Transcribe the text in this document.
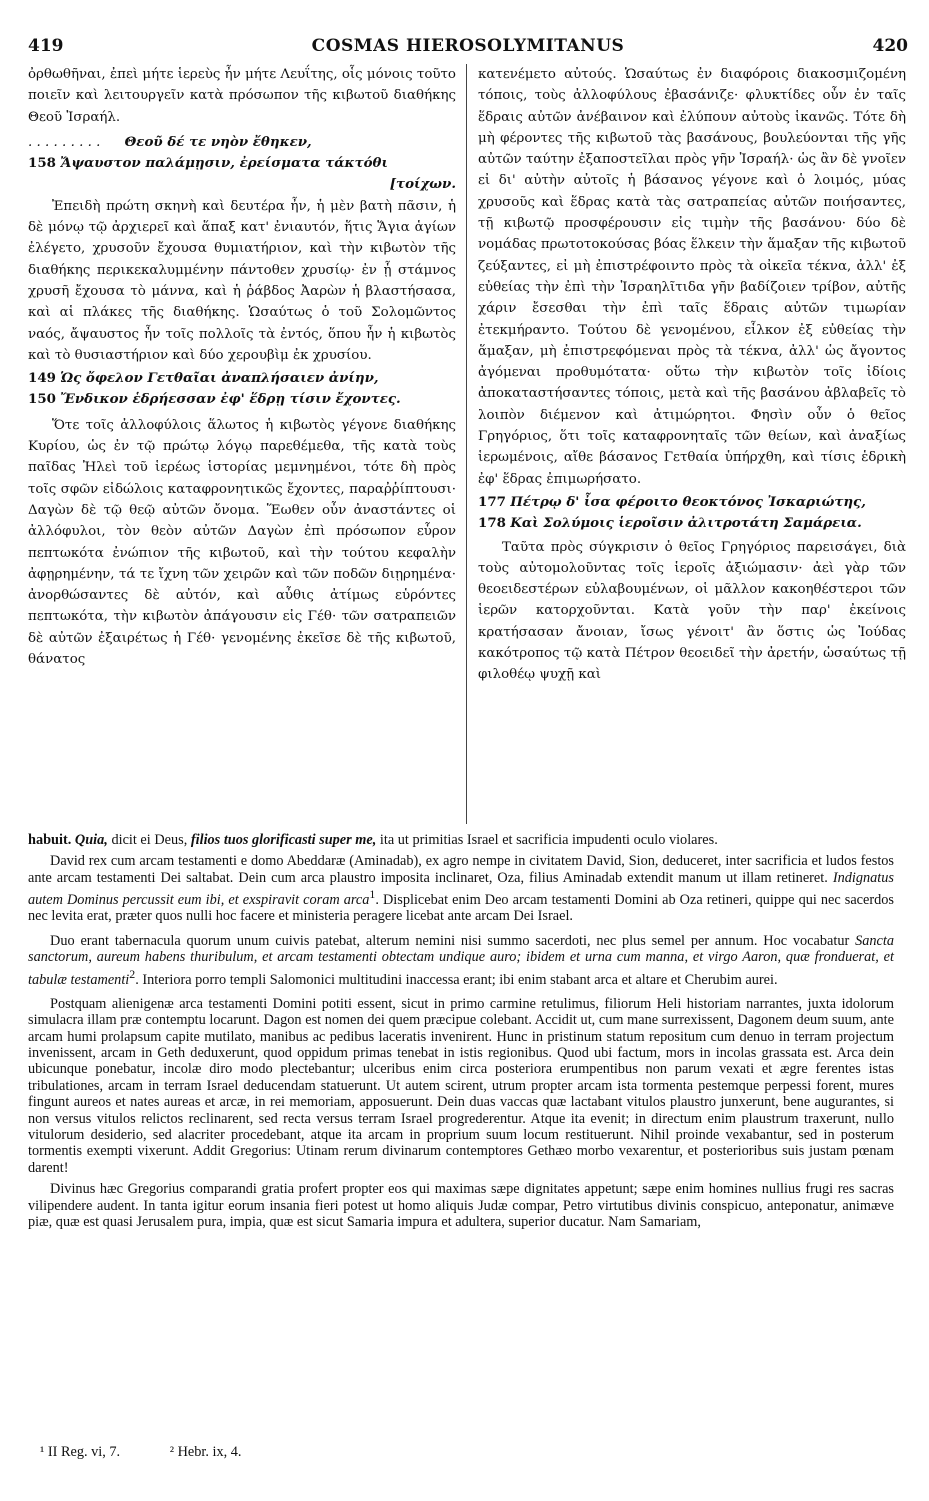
419	COSMAS HIEROSOLYMITANUS	420

ὀρθωθῆναι, ἐπεὶ μήτε ἱερεὺς ἦν μήτε Λευΐτης, οἷς μόνοις τοῦτο ποιεῖν καὶ λειτουργεῖν κατὰ πρόσωπον τῆς κιβωτοῦ διαθήκης Θεοῦ Ἰσραήλ.

. . . . . . . . . Θεοῦ δέ τε νηὸν ἔθηκεν,

158 Ἄψαυστον παλάμῃσιν, ἐρείσματα τάκτόθι

[τοίχων.

Ἐπειδὴ πρώτη σκηνὴ καὶ δευτέρα ἦν, ἡ μὲν βατὴ πᾶσιν, ἡ δὲ μόνῳ τῷ ἀρχιερεῖ καὶ ἅπαξ κατ' ἐνιαυτόν, ἥτις Ἅγια ἁγίων ἐλέγετο, χρυσοῦν ἔχουσα θυμιατήριον, καὶ τὴν κιβωτὸν τῆς διαθήκης περικεκαλυμμένην πάντοθεν χρυσίῳ· ἐν ᾗ στάμνος χρυσῆ ἔχουσα τὸ μάννα, καὶ ἡ ῥάβδος Ἀαρὼν ἡ βλαστήσασα, καὶ αἱ πλάκες τῆς διαθήκης. Ὡσαύτως ὁ τοῦ Σολομῶντος ναός, ἄψαυστος ἦν τοῖς πολλοῖς τὰ ἐντός, ὅπου ἦν ἡ κιβωτὸς καὶ τὸ θυσιαστήριον καὶ δύο χερουβὶμ ἐκ χρυσίου.

149 Ὡς ὄφελον Γετθαῖαι ἀναπλήσαιεν ἀνίην,

150 Ἔνδικον ἑδρήεσσαν ἐφ' ἕδρῃ τίσιν ἔχοντες.

Ὅτε τοῖς ἀλλοφύλοις ἅλωτος ἡ κιβωτὸς γέγονε διαθήκης Κυρίου, ὡς ἐν τῷ πρώτῳ λόγῳ παρεθέμεθα, τῆς κατὰ τοὺς παῖδας Ἠλεὶ τοῦ ἱερέως ἱστορίας μεμνημένοι, τότε δὴ πρὸς τοῖς σφῶν εἰδώλοις καταφρονητικῶς ἔχοντες, παραῤῥίπτουσι· Δαγὼν δὲ τῷ θεῷ αὐτῶν ὄνομα. Ἕωθεν οὖν ἀναστάντες οἱ ἀλλόφυλοι, τὸν θεὸν αὐτῶν Δαγὼν ἐπὶ πρόσωπον εὗρον πεπτωκότα ἐνώπιον τῆς κιβωτοῦ, καὶ τὴν τούτου κεφαλὴν ἀφῃρημένην, τά τε ἴχνη τῶν χειρῶν καὶ τῶν ποδῶν διῃρημένα· ἀνορθώσαντες δὲ αὐτόν, καὶ αὖθις ἀτίμως εὑρόντες πεπτωκότα, τὴν κιβωτὸν ἀπάγουσιν εἰς Γέθ· τῶν σατραπειῶν δὲ αὐτῶν ἐξαιρέτως ἡ Γέθ· γενομένης ἐκεῖσε δὲ τῆς κιβωτοῦ, θάνατος

κατενέμετο αὐτούς. Ὡσαύτως ἐν διαφόροις διακοσμιζομένη τόποις, τοὺς ἀλλοφύλους ἐβασάνιζε· φλυκτίδες οὖν ἐν ταῖς ἕδραις αὐτῶν ἀνέβαινον καὶ ἐλύπουν αὐτοὺς ἱκανῶς. Τότε δὴ μὴ φέροντες τῆς κιβωτοῦ τὰς βασάνους, βουλεύονται τῆς γῆς αὐτῶν ταύτην ἐξαποστεῖλαι πρὸς γῆν Ἰσραήλ· ὡς ἂν δὲ γνοῖεν εἰ δι' αὐτὴν αὐτοῖς ἡ βάσανος γέγονε καὶ ὁ λοιμός, μύας χρυσοῦς καὶ ἕδρας κατὰ τὰς σατραπείας αὐτῶν ποιήσαντες, τῇ κιβωτῷ προσφέρουσιν εἰς τιμὴν τῆς βασάνου· δύο δὲ νομάδας πρωτοτοκούσας βόας ἕλκειν τὴν ἅμαξαν τῆς κιβωτοῦ ζεύξαντες, εἰ μὴ ἐπιστρέφοιντο πρὸς τὰ οἰκεῖα τέκνα, ἀλλ' ἐξ εὐθείας τὴν ἐπὶ τὴν Ἰσραηλῖτιδα γῆν βαδίζοιεν τρίβον, αὐτῆς χάριν ἔσεσθαι τὴν ἐπὶ ταῖς ἕδραις αὐτῶν τιμωρίαν ἐτεκμήραντο. Τούτου δὲ γενομένου, εἷλκον ἐξ εὐθείας τὴν ἅμαξαν, μὴ ἐπιστρεφόμεναι πρὸς τὰ τέκνα, ἀλλ' ὡς ἄγοντος ἀγόμεναι προθυμότατα· οὕτω τὴν κιβωτὸν τοῖς ἰδίοις ἀποκαταστήσαντες τόποις, μετὰ καὶ τῆς βασάνου ἀβλαβεῖς τὸ λοιπὸν διέμενον καὶ ἀτιμώρητοι. Φησὶν οὖν ὁ θεῖος Γρηγόριος, ὅτι τοῖς καταφρονηταῖς τῶν θείων, καὶ ἀναξίως ἱερωμένοις, αἴθε βάσανος Γετθαία ὑπήρχθη, καὶ τίσις ἑδρικὴ ἐφ' ἕδρας ἐπιμωρήσατο.

177 Πέτρῳ δ' ἶσα φέροιτο θεοκτόνος Ἰσκαριώτης,

178 Καὶ Σολύμοις ἱεροῖσιν ἀλιτροτάτη Σαμάρεια.

Ταῦτα πρὸς σύγκρισιν ὁ θεῖος Γρηγόριος παρεισάγει, διὰ τοὺς αὐτομολοῦντας τοῖς ἱεροῖς ἀξιώμασιν· ἀεὶ γὰρ τῶν θεοειδεστέρων εὐλαβουμένων, οἱ μᾶλλον κακοηθέστεροι τῶν ἱερῶν κατορχοῦνται. Κατὰ γοῦν τὴν παρ' ἐκείνοις κρατήσασαν ἄνοιαν, ἴσως γένοιτ' ἂν ὅστις ὡς Ἰούδας κακότροπος τῷ κατὰ Πέτρον θεοειδεῖ τὴν ἀρετήν, ὡσαύτως τῇ φιλοθέῳ ψυχῇ καὶ

habuit. Quia, dicit ei Deus, filios tuos glorificasti super me, ita ut primitias Israel et sacrificia impudenti oculo violares.

David rex cum arcam testamenti e domo Abeddaræ (Aminadab), ex agro nempe in civitatem David, Sion, deduceret, inter sacrificia et ludos festos ante arcam testamenti Dei saltabat. Dein cum arca plaustro imposita inclinaret, Oza, filius Aminadab extendit manum ut illam retineret. Indignatus autem Dominus percussit eum ibi, et exspiravit coram arca$^1$. Displicebat enim Deo arcam testamenti Domini ab Oza retineri, quippe qui nec sacerdos nec levita erat, præter quos nulli hoc facere et ministeria peragere licebat ante arcam Dei Israel.

Duo erant tabernacula quorum unum cuivis patebat, alterum nemini nisi summo sacerdoti, nec plus semel per annum. Hoc vocabatur Sancta sanctorum, aureum habens thuribulum, et arcam testamenti obtectam undique auro; ibidem et urna cum manna, et virgo Aaron, quæ fronduerat, et tabulæ testamenti$^2$. Interiora porro templi Salomonici multitudini inaccessa erant; ibi enim stabant arca et altare et Cherubim aurei.

Postquam alienigenæ arca testamenti Domini potiti essent, sicut in primo carmine retulimus, filiorum Heli historiam narrantes, juxta idolorum simulacra illam præ contemptu locarunt. Dagon est nomen dei quem præcipue colebant. Accidit ut, cum mane surrexissent, Dagonem deum suum, ante arcam humi prolapsum capite mutilato, manibus ac pedibus laceratis invenirent. Hunc in pristinum statum repositum cum denuo in terram projectum invenissent, arcam in Geth deduxerunt, quod oppidum primas tenebat in istis regionibus. Quod ubi factum, mors in incolas grassata est. Arca dein ubicunque ponebatur, incolæ diro modo plectebantur; ulceribus enim circa posteriora erumpentibus non parum vexati et ægre ferentes istas tribulationes, arcam in terram Israel deducendam statuerunt. Ut autem scirent, utrum propter arcam ista tormenta pestemque perpessi forent, mures fingunt aureos et nates aureas et arcæ, in rei memoriam, apposuerunt. Dein duas vaccas quæ lactabant vitulos plaustro junxerunt, bene augurantes, si non versus vitulos relictos reclinarent, sed recta versus terram Israel progrederentur. Atque ita evenit; in directum enim plaustrum traxerunt, nullo vitulorum desiderio, sed alacriter procedebant, atque ita arcam in proprium suum locum restituerunt. Nihil proinde vexabantur, sed in posterum tormentis exempti vixerunt. Addit Gregorius: Utinam rerum divinarum contemptores Gethæo morbo vexarentur, et posterioribus suis justam pœnam darent!

Divinus hæc Gregorius comparandi gratia profert propter eos qui maximas sæpe dignitates appetunt; sæpe enim homines nullius frugi res sacras vilipendere audent. In tanta igitur eorum insania fieri potest ut homo aliquis Judæ compar, Petro virtutibus divinis conspicuo, anteponatur, animæve piæ, quæ est quasi Jerusalem pura, impia, quæ est sicut Samaria impura et adultera, superior ducatur. Nam Samariam,

¹ II Reg. vi, 7.	² Hebr. ix, 4.
